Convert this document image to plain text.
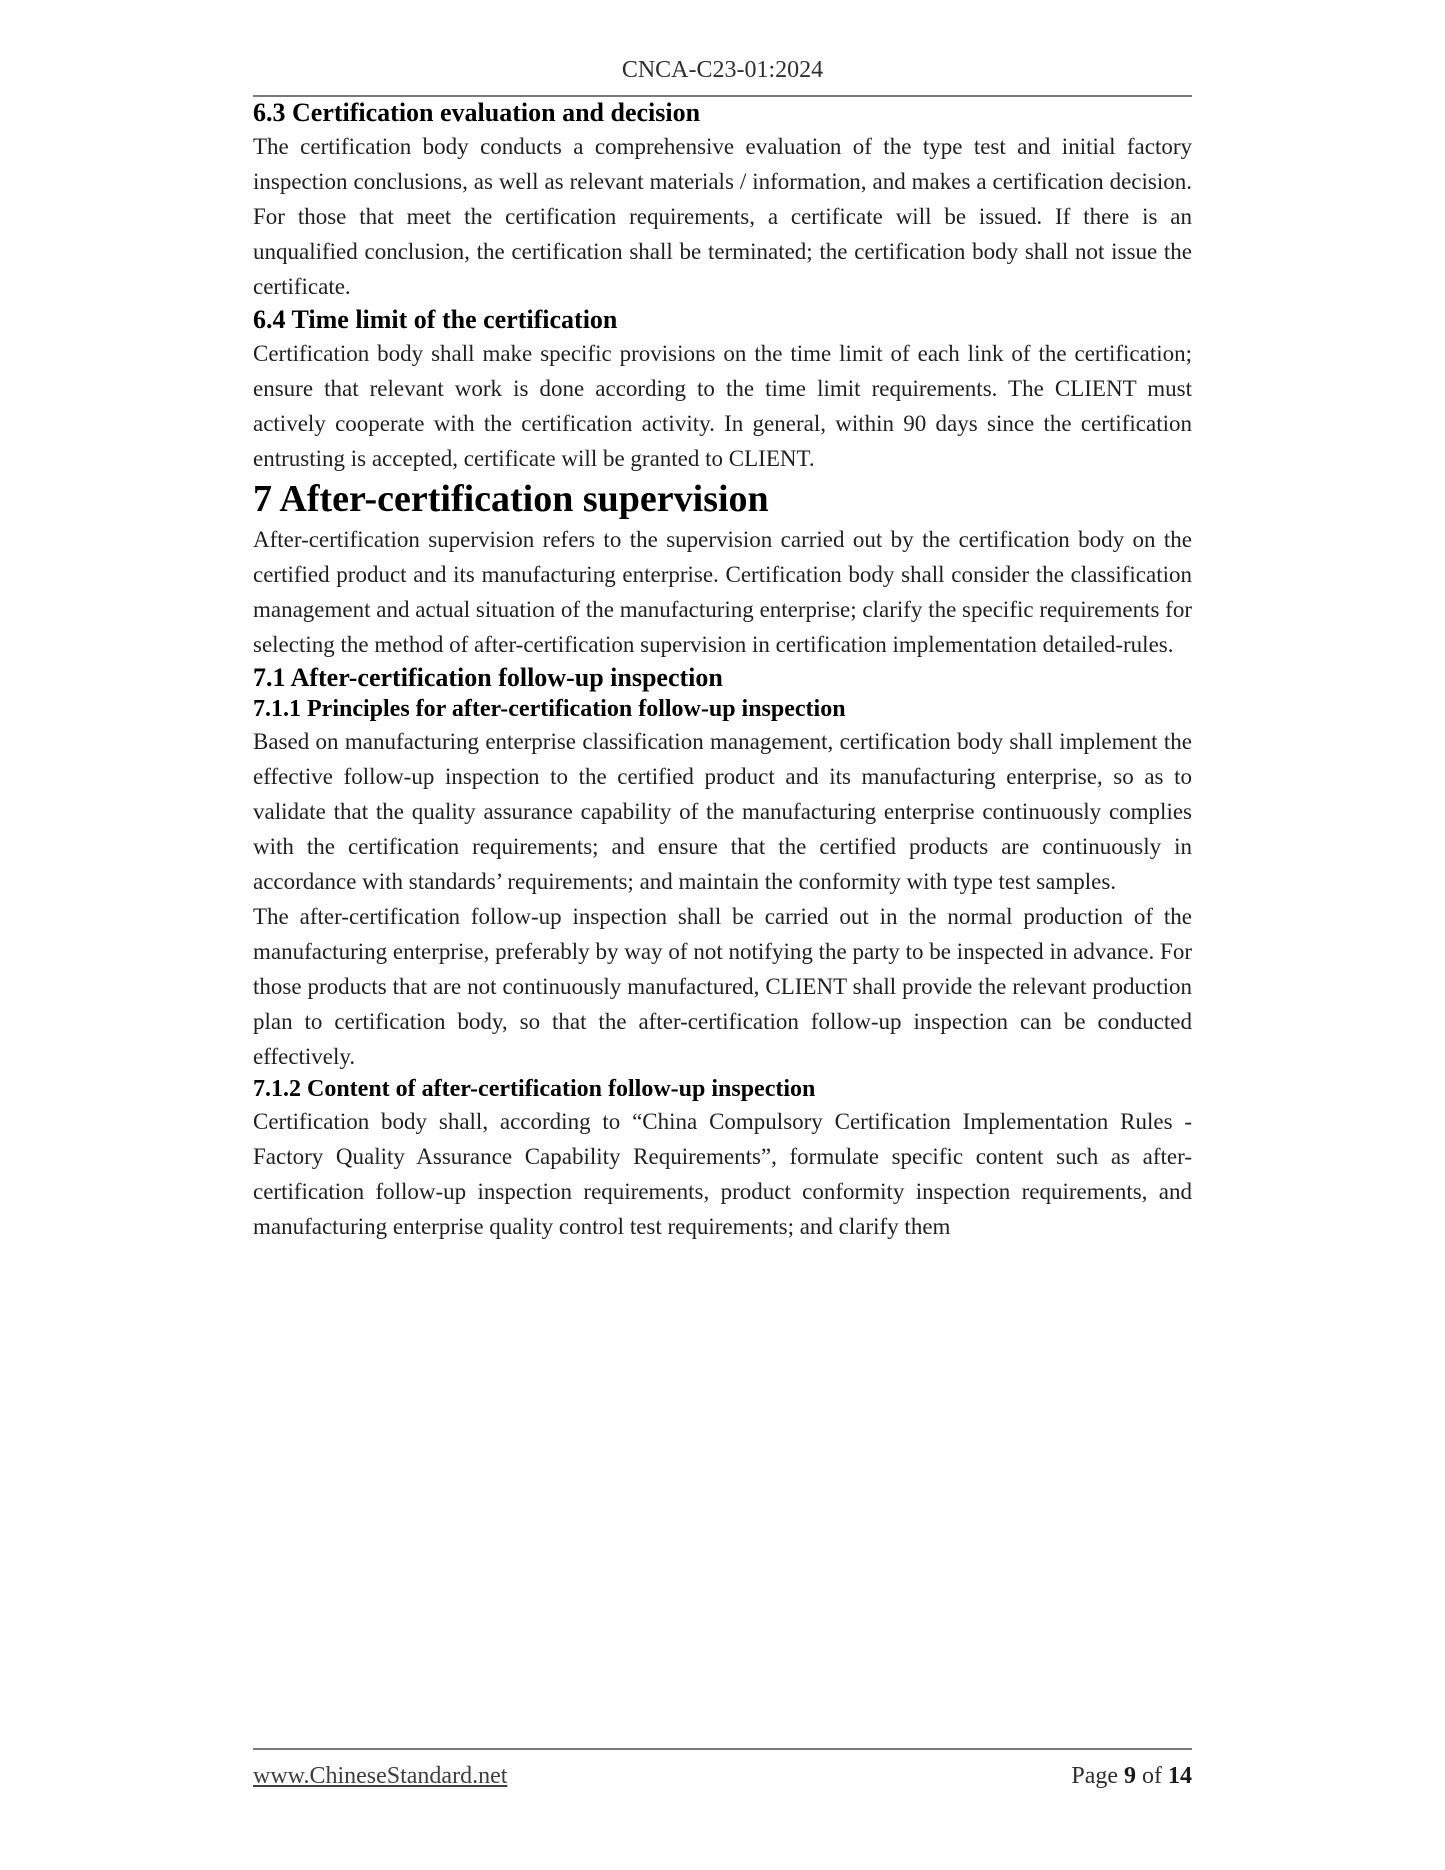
CNCA-C23-01:2024
6.3 Certification evaluation and decision

The certification body conducts a comprehensive evaluation of the type test and initial factory inspection conclusions, as well as relevant materials / information, and makes a certification decision. For those that meet the certification requirements, a certificate will be issued. If there is an unqualified conclusion, the certification shall be terminated; the certification body shall not issue the certificate.

6.4 Time limit of the certification

Certification body shall make specific provisions on the time limit of each link of the certification; ensure that relevant work is done according to the time limit requirements. The CLIENT must actively cooperate with the certification activity. In general, within 90 days since the certification entrusting is accepted, certificate will be granted to CLIENT.

7 After-certification supervision

After-certification supervision refers to the supervision carried out by the certification body on the certified product and its manufacturing enterprise. Certification body shall consider the classification management and actual situation of the manufacturing enterprise; clarify the specific requirements for selecting the method of after-certification supervision in certification implementation detailed-rules.

7.1 After-certification follow-up inspection
7.1.1 Principles for after-certification follow-up inspection

Based on manufacturing enterprise classification management, certification body shall implement the effective follow-up inspection to the certified product and its manufacturing enterprise, so as to validate that the quality assurance capability of the manufacturing enterprise continuously complies with the certification requirements; and ensure that the certified products are continuously in accordance with standards’ requirements; and maintain the conformity with type test samples.

The after-certification follow-up inspection shall be carried out in the normal production of the manufacturing enterprise, preferably by way of not notifying the party to be inspected in advance. For those products that are not continuously manufactured, CLIENT shall provide the relevant production plan to certification body, so that the after-certification follow-up inspection can be conducted effectively.

7.1.2 Content of after-certification follow-up inspection

Certification body shall, according to “China Compulsory Certification Implementation Rules - Factory Quality Assurance Capability Requirements”, formulate specific content such as after-certification follow-up inspection requirements, product conformity inspection requirements, and manufacturing enterprise quality control test requirements; and clarify them

www.ChineseStandard.net	Page 9 of 14
